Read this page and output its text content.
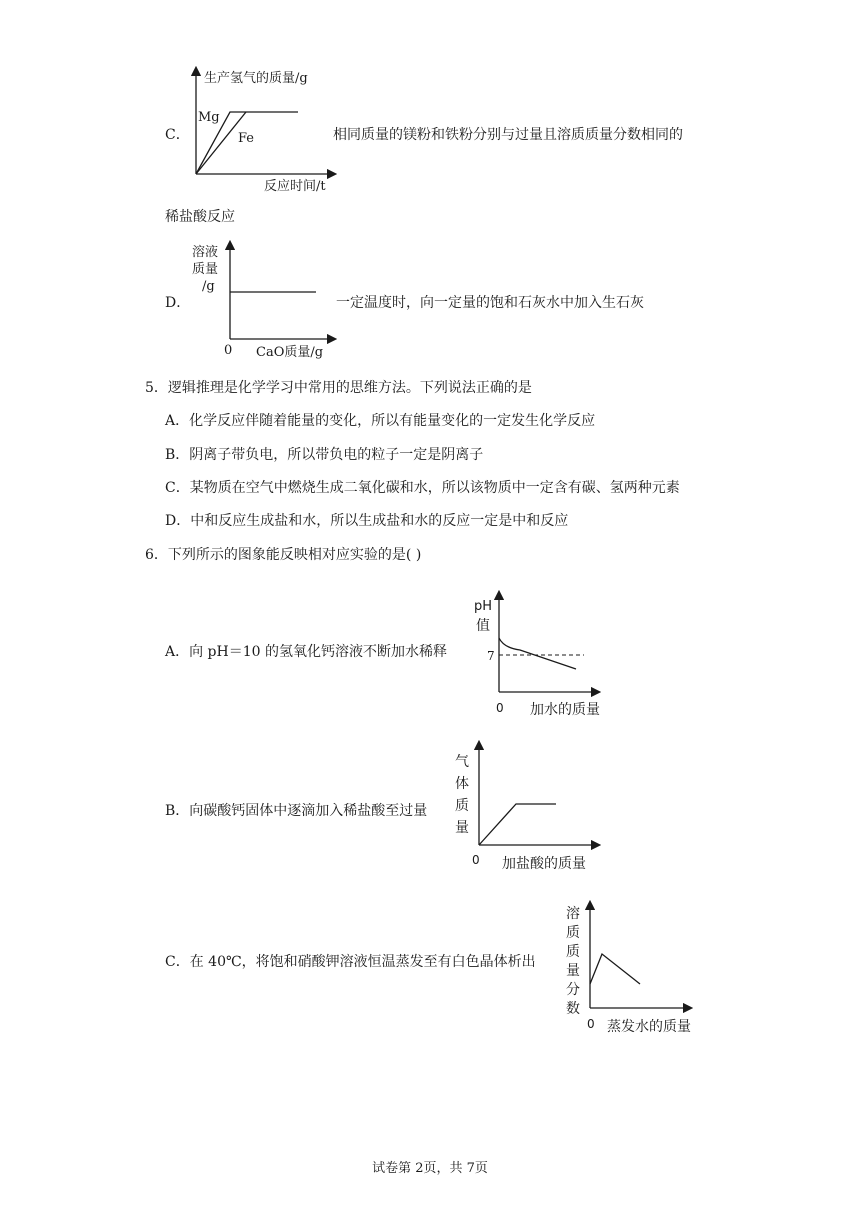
C．
生产氢气的质量/g
Mg
Fe
反应时间/t
相同质量的镁粉和铁粉分别与过量且溶质质量分数相同的
稀盐酸反应
D．
溶液
质量
/g
0 CaO质量/g
一定温度时，向一定量的饱和石灰水中加入生石灰
5．逻辑推理是化学学习中常用的思维方法。下列说法正确的是
A．化学反应伴随着能量的变化，所以有能量变化的一定发生化学反应
B．阴离子带负电，所以带负电的粒子一定是阴离子
C．某物质在空气中燃烧生成二氧化碳和水，所以该物质中一定含有碳、氢两种元素
D．中和反应生成盐和水，所以生成盐和水的反应一定是中和反应
6．下列所示的图象能反映相对应实验的是( )
A．向 pH＝10 的氢氧化钙溶液不断加水稀释
pH
值
7
0 加水的质量
B．向碳酸钙固体中逐滴加入稀盐酸至过量
气
体
质
量
0 加盐酸的质量
C．在 40℃，将饱和硝酸钾溶液恒温蒸发至有白色晶体析出
溶
质
质
量
分
数
0 蒸发水的质量
试卷第 2页，共 7页
